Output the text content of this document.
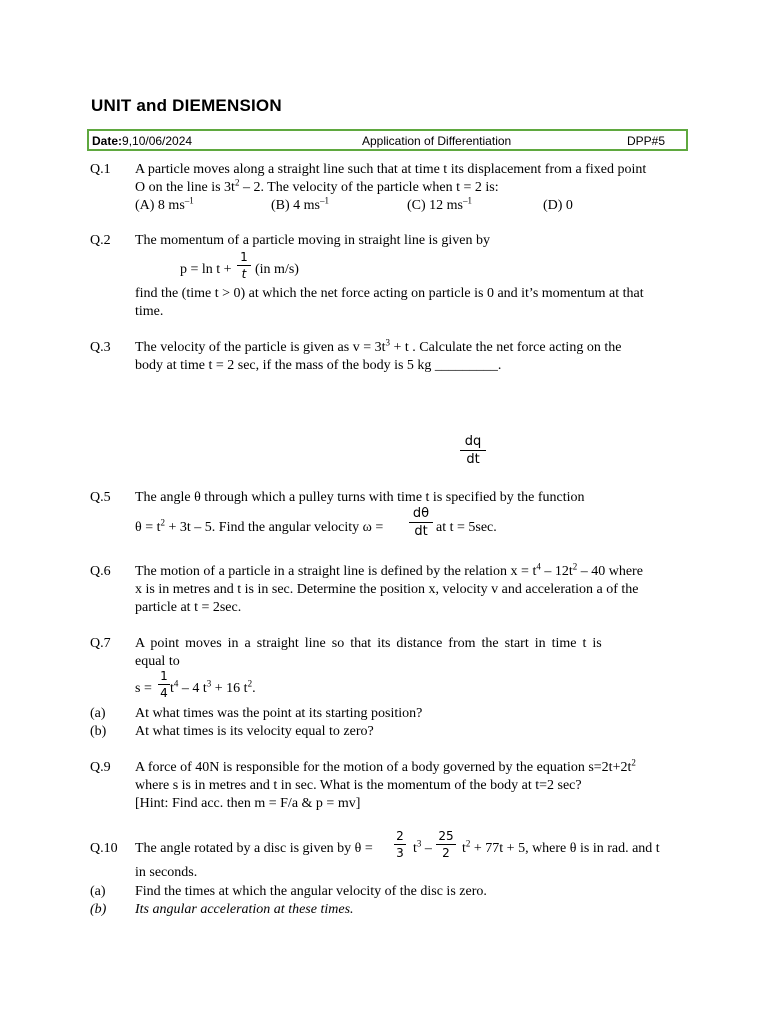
UNIT and DIEMENSION
Date:9,10/06/2024	Application of Differentiation	DPP#5
Q.1 A particle moves along a straight line such that at time t its displacement from a fixed point
O on the line is $3t^2 - 2$. The velocity of the particle when t = 2 is:
(A) 8 $ms^{-1}$	(B) 4 $ms^{-1}$	(C) 12 $ms^{-1}$	(D) 0
Q.2 The momentum of a particle moving in straight line is given by
p = ln t +
1
t (in m/s)
find the (time t > 0) at which the net force acting on particle is 0 and it’s momentum at that
time.
Q.3 The velocity of the particle is given as $v = 3t^3 + t$ . Calculate the net force acting on the
body at time t = 2 sec, if the mass of the body is 5 kg _________.
dq
dt
Q.5 The angle θ through which a pulley turns with time t is specified by the function
$\theta = t^2 + 3t - 5$. Find the angular velocity ω =
dθ
dt at t = 5sec.
Q.6 The motion of a particle in a straight line is defined by the relation $x = t^4 - 12t^2 - 40$ where
x is in metres and t is in sec. Determine the position x, velocity v and acceleration a of the
particle at t = 2sec.
Q.7 A point moves in a straight line so that its distance from the start in time t is
equal to
s =
1
4 $t^4 - 4$ $t^3 + 16$ $t^2$.
(a) At what times was the point at its starting position?
(b) At what times is its velocity equal to zero?
Q.9 A force of 40N is responsible for the motion of a body governed by the equation $s=2t+2t^2$
where s is in metres and t in sec. What is the momentum of the body at t=2 sec?
[Hint: Find acc. then m = F/a & p = mv]
Q.10 The angle rotated by a disc is given by θ =
2
3 $t^3$ –
25
2 $t^2 + 77t + 5$, where θ is in rad. and t
in seconds.
(a) Find the times at which the angular velocity of the disc is zero.
(b) Its angular acceleration at these times.
